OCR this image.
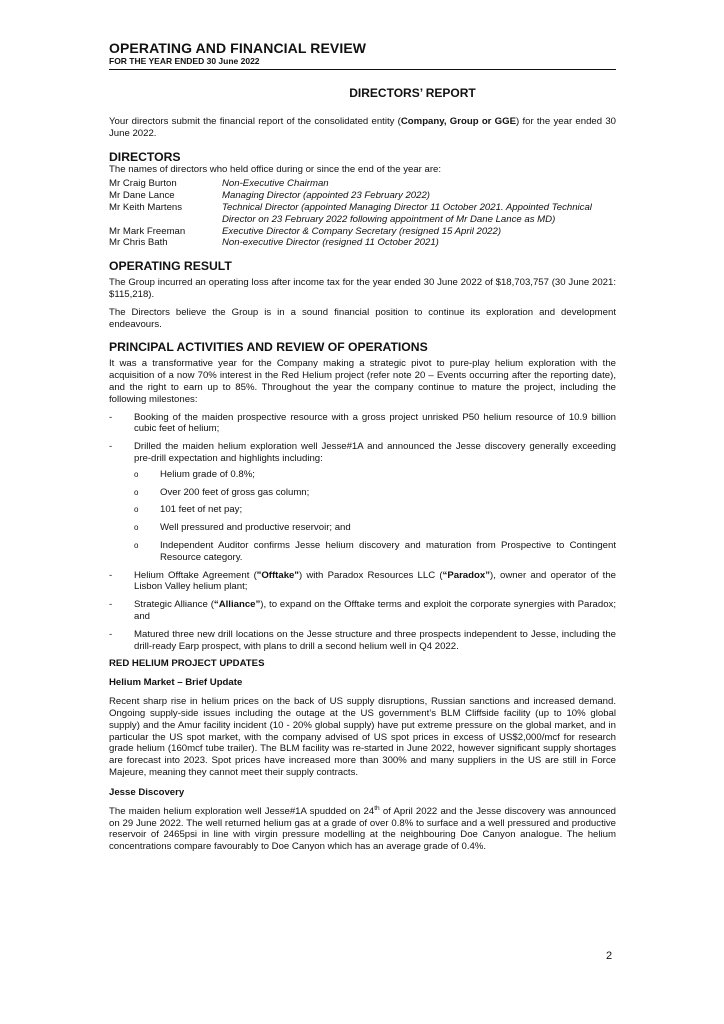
OPERATING AND FINANCIAL REVIEW
FOR THE YEAR ENDED 30 June 2022
DIRECTORS’ REPORT

Your directors submit the financial report of the consolidated entity (Company, Group or GGE) for the year ended 30 June 2022.

DIRECTORS

The names of directors who held office during or since the end of the year are:

Mr Craig Burton	Non-Executive Chairman
Mr Dane Lance	Managing Director (appointed 23 February 2022)
Mr Keith Martens	Technical Director (appointed Managing Director 11 October 2021. Appointed Technical Director on 23 February 2022 following appointment of Mr Dane Lance as MD)
Mr Mark Freeman	Executive Director & Company Secretary (resigned 15 April 2022)
Mr Chris Bath	Non-executive Director (resigned 11 October 2021)
OPERATING RESULT

The Group incurred an operating loss after income tax for the year ended 30 June 2022 of $18,703,757 (30 June 2021: $115,218).

The Directors believe the Group is in a sound financial position to continue its exploration and development endeavours.

PRINCIPAL ACTIVITIES AND REVIEW OF OPERATIONS

It was a transformative year for the Company making a strategic pivot to pure-play helium exploration with the acquisition of a now 70% interest in the Red Helium project (refer note 20 – Events occurring after the reporting date), and the right to earn up to 85%. Throughout the year the company continue to mature the project, including the following milestones:

- Booking of the maiden prospective resource with a gross project unrisked P50 helium resource of 10.9 billion cubic feet of helium;
- Drilled the maiden helium exploration well Jesse#1A and announced the Jesse discovery generally exceeding pre-drill expectation and highlights including:
o Helium grade of 0.8%;
o Over 200 feet of gross gas column;
o 101 feet of net pay;
o Well pressured and productive reservoir; and
o Independent Auditor confirms Jesse helium discovery and maturation from Prospective to Contingent Resource category.
- Helium Offtake Agreement ("Offtake") with Paradox Resources LLC (“Paradox”), owner and operator of the Lisbon Valley helium plant;
- Strategic Alliance (“Alliance”), to expand on the Offtake terms and exploit the corporate synergies with Paradox; and
- Matured three new drill locations on the Jesse structure and three prospects independent to Jesse, including the drill-ready Earp prospect, with plans to drill a second helium well in Q4 2022.
RED HELIUM PROJECT UPDATES
Helium Market – Brief Update

Recent sharp rise in helium prices on the back of US supply disruptions, Russian sanctions and increased demand. Ongoing supply-side issues including the outage at the US government’s BLM Cliffside facility (up to 10% global supply) and the Amur facility incident (10 - 20% global supply) have put extreme pressure on the global market, and in particular the US spot market, with the company advised of US spot prices in excess of US$2,000/mcf for research grade helium (160mcf tube trailer). The BLM facility was re-started in June 2022, however significant supply shortages are forecast into 2023. Spot prices have increased more than 300% and many suppliers in the US are still in Force Majeure, meaning they cannot meet their supply contracts.

Jesse Discovery

The maiden helium exploration well Jesse#1A spudded on 24th of April 2022 and the Jesse discovery was announced on 29 June 2022. The well returned helium gas at a grade of over 0.8% to surface and a well pressured and productive reservoir of 2465psi in line with virgin pressure modelling at the neighbouring Doe Canyon analogue. The helium concentrations compare favourably to Doe Canyon which has an average grade of 0.4%.

2
